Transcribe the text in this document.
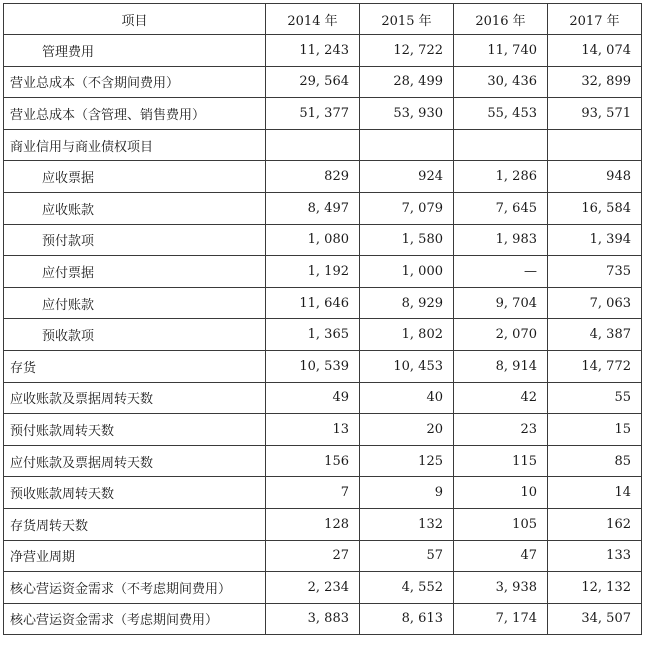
项目	2014 年	2015 年	2016 年	2017 年
管理费用	11, 243	12, 722	11, 740	14, 074
营业总成本（不含期间费用）	29, 564	28, 499	30, 436	32, 899
营业总成本（含管理、销售费用）	51, 377	53, 930	55, 453	93, 571
商业信用与商业债权项目				
应收票据	829	924	1, 286	948
应收账款	8, 497	7, 079	7, 645	16, 584
预付款项	1, 080	1, 580	1, 983	1, 394
应付票据	1, 192	1, 000	—	735
应付账款	11, 646	8, 929	9, 704	7, 063
预收款项	1, 365	1, 802	2, 070	4, 387
存货	10, 539	10, 453	8, 914	14, 772
应收账款及票据周转天数	49	40	42	55
预付账款周转天数	13	20	23	15
应付账款及票据周转天数	156	125	115	85
预收账款周转天数	7	9	10	14
存货周转天数	128	132	105	162
净营业周期	27	57	47	133
核心营运资金需求（不考虑期间费用）	2, 234	4, 552	3, 938	12, 132
核心营运资金需求（考虑期间费用）	3, 883	8, 613	7, 174	34, 507
